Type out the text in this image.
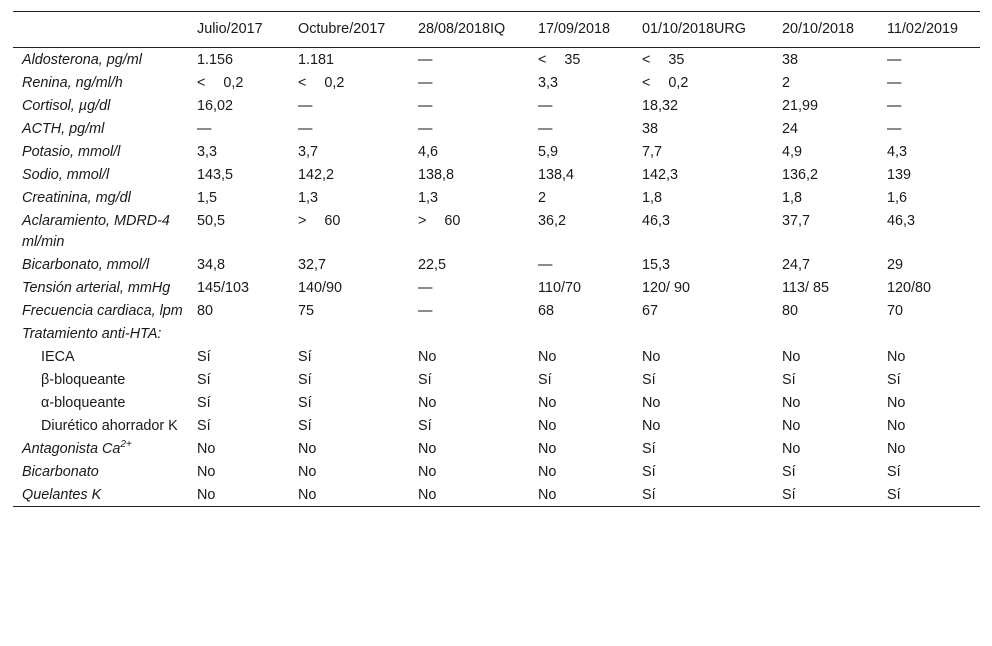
	Julio/2017	Octubre/2017	28/08/2018IQ	17/09/2018	01/10/2018URG	20/10/2018	11/02/2019
Aldosterona, pg/ml	1.156	1.181	—	< 35	< 35	38	—
Renina, ng/ml/h	< 0,2	< 0,2	—	3,3	< 0,2	2	—
Cortisol, µg/dl	16,02	—	—	—	18,32	21,99	—
ACTH, pg/ml	—	—	—	—	38	24	—
Potasio, mmol/l	3,3	3,7	4,6	5,9	7,7	4,9	4,3
Sodio, mmol/l	143,5	142,2	138,8	138,4	142,3	136,2	139
Creatinina, mg/dl	1,5	1,3	1,3	2	1,8	1,8	1,6
Aclaramiento, MDRD-4 ml/min	50,5	> 60	> 60	36,2	46,3	37,7	46,3
Bicarbonato, mmol/l	34,8	32,7	22,5	—	15,3	24,7	29
Tensión arterial, mmHg	145/103	140/90	—	110/70	120/ 90	113/ 85	120/80
Frecuencia cardiaca, lpm	80	75	—	68	67	80	70
Tratamiento anti-HTA:							
IECA	Sí	Sí	No	No	No	No	No
β-bloqueante	Sí	Sí	Sí	Sí	Sí	Sí	Sí
α-bloqueante	Sí	Sí	No	No	No	No	No
Diurético ahorrador K	Sí	Sí	Sí	No	No	No	No
Antagonista $Ca^{2+}$	No	No	No	No	Sí	No	No
Bicarbonato	No	No	No	No	Sí	Sí	Sí
Quelantes K	No	No	No	No	Sí	Sí	Sí
